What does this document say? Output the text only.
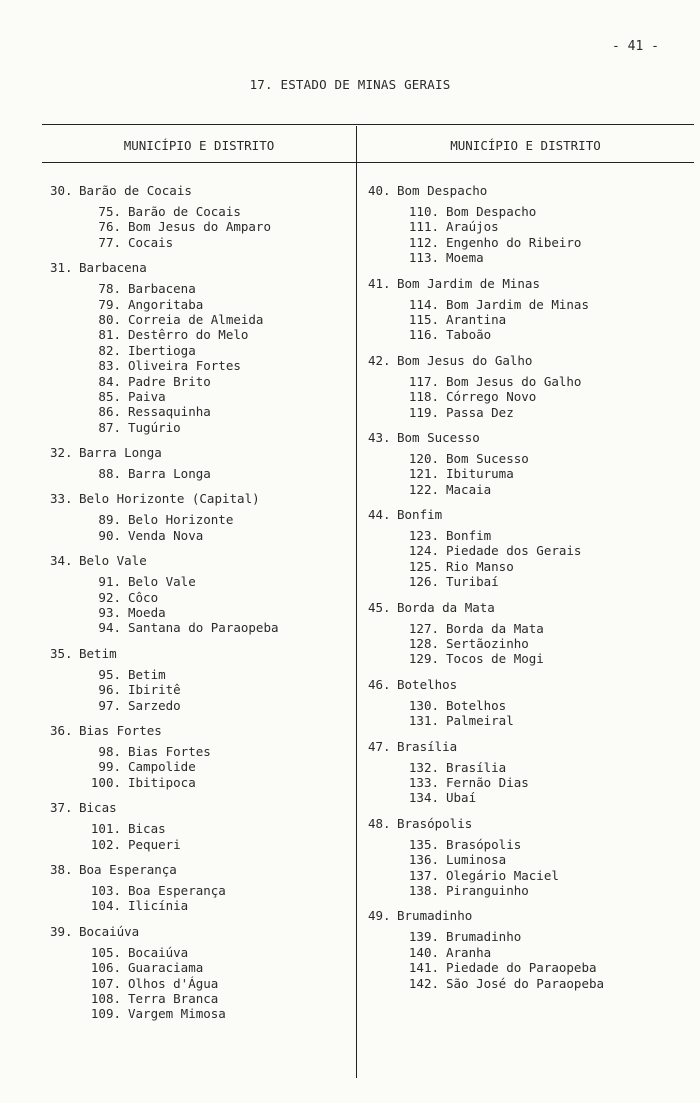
- 41 -
17. ESTADO DE MINAS GERAIS
MUNICÍPIO E DISTRITO	MUNICÍPIO E DISTRITO
30. Barão de Cocais
75. Barão de Cocais
76. Bom Jesus do Amparo
77. Cocais
31. Barbacena
78. Barbacena
79. Angoritaba
80. Correia de Almeida
81. Destêrro do Melo
82. Ibertioga
83. Oliveira Fortes
84. Padre Brito
85. Paiva
86. Ressaquinha
87. Tugúrio
32. Barra Longa
88. Barra Longa
33. Belo Horizonte (Capital)
89. Belo Horizonte
90. Venda Nova
34. Belo Vale
91. Belo Vale
92. Côco
93. Moeda
94. Santana do Paraopeba
35. Betim
95. Betim
96. Ibiritê
97. Sarzedo
36. Bias Fortes
98. Bias Fortes
99. Campolide
100. Ibitipoca
37. Bicas
101. Bicas
102. Pequeri
38. Boa Esperança
103. Boa Esperança
104. Ilicínia
39. Bocaiúva
105. Bocaiúva
106. Guaraciama
107. Olhos d'Água
108. Terra Branca
109. Vargem Mimosa
40. Bom Despacho
110. Bom Despacho
111. Araújos
112. Engenho do Ribeiro
113. Moema
41. Bom Jardim de Minas
114. Bom Jardim de Minas
115. Arantina
116. Taboão
42. Bom Jesus do Galho
117. Bom Jesus do Galho
118. Córrego Novo
119. Passa Dez
43. Bom Sucesso
120. Bom Sucesso
121. Ibituruma
122. Macaia
44. Bonfim
123. Bonfim
124. Piedade dos Gerais
125. Rio Manso
126. Turibaí
45. Borda da Mata
127. Borda da Mata
128. Sertãozinho
129. Tocos de Mogi
46. Botelhos
130. Botelhos
131. Palmeiral
47. Brasília
132. Brasília
133. Fernão Dias
134. Ubaí
48. Brasópolis
135. Brasópolis
136. Luminosa
137. Olegário Maciel
138. Piranguinho
49. Brumadinho
139. Brumadinho
140. Aranha
141. Piedade do Paraopeba
142. São José do Paraopeba
